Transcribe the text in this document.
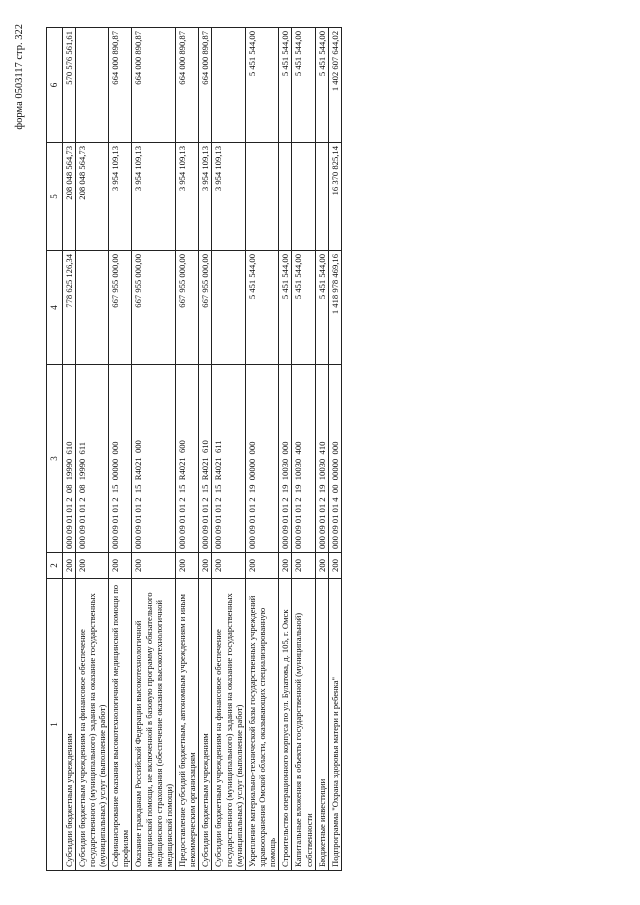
форма 0503117 стр. 322
1	2	3	4	5	6
Субсидии бюджетным учреждениям	200	000 09 01 01 2  08  19990  610	778 625 126,34	208 048 564,73	570 576 561,61
Субсидии бюджетным учреждениям на финансовое обеспечение государственного (муниципального) задания на оказание государственных (муниципальных) услуг (выполнение работ)	200	000 09 01 01 2  08  19990  611		208 048 564,73	
Софинансирование оказания высокотехнологичной медицинской помощи по профилям	200	000 09 01 01 2  15  00000  000	667 955 000,00	3 954 109,13	664 000 890,87
Оказание гражданам Российской Федерации высокотехнологичной медицинской помощи, не включенной в базовую программу обязательного медицинского страхования (обеспечение оказания высокотехнологичной медицинской помощи)	200	000 09 01 01 2  15  R4021  000	667 955 000,00	3 954 109,13	664 000 890,87
Предоставление субсидий бюджетным, автономным учреждениям и иным некоммерческим организациям	200	000 09 01 01 2  15  R4021  600	667 955 000,00	3 954 109,13	664 000 890,87
Субсидии бюджетным учреждениям	200	000 09 01 01 2  15  R4021  610	667 955 000,00	3 954 109,13	664 000 890,87
Субсидии бюджетным учреждениям на финансовое обеспечение государственного (муниципального) задания на оказание государственных (муниципальных) услуг (выполнение работ)	200	000 09 01 01 2  15  R4021  611		3 954 109,13	
Укрепление материально-технической базы государственных учреждений здравоохранения Омской области, оказывающих специализированную помощь	200	000 09 01 01 2  19  00000  000	5 451 544,00		5 451 544,00
Строительство операционного корпуса по ул. Булатова, д. 105, г. Омск	200	000 09 01 01 2  19  10030  000	5 451 544,00		5 451 544,00
Капитальные вложения в объекты государственной (муниципальной) собственности	200	000 09 01 01 2  19  10030  400	5 451 544,00		5 451 544,00
Бюджетные инвестиции	200	000 09 01 01 2  19  10030  410	5 451 544,00		5 451 544,00
Подпрограмма "Охрана здоровья матери и ребенка"	200	000 09 01 01 4  00  00000  000	1 418 978 469,16	16 370 825,14	1 402 607 644,02
